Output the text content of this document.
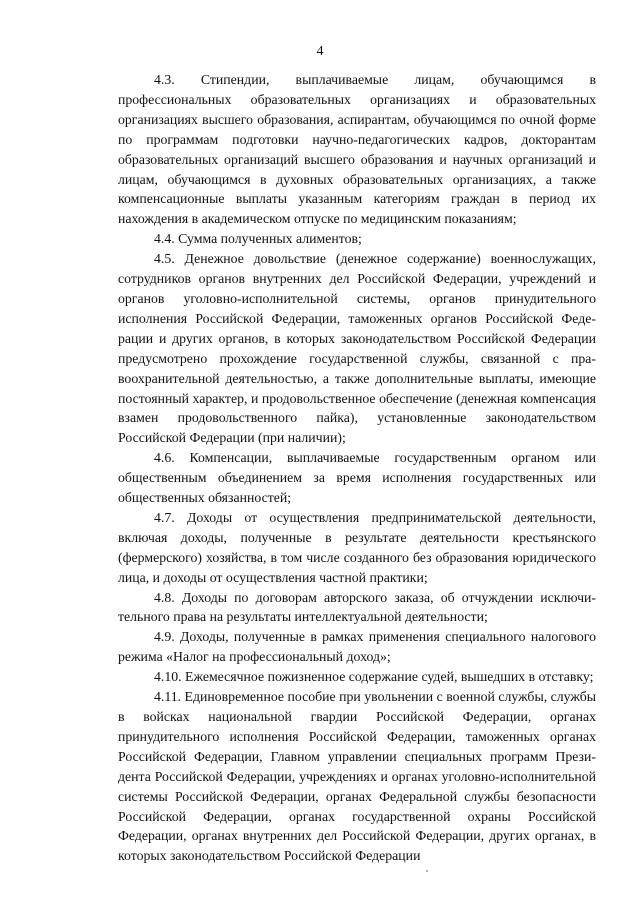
4

4.3. Стипендии, выплачиваемые лицам, обучающимся в профессиональных образовательных организациях и образовательных организациях высшего образования, аспирантам, обучающимся по очной форме по программам подготовки научно-педагогических кадров, докторантам образовательных организаций высшего образования и научных организаций и лицам, обучающимся в духовных образовательных организациях, а также компенсационные выплаты указанным категориям граждан в период их нахождения в академическом отпуске по медицинским показаниям;

4.4. Сумма полученных алиментов;

4.5. Денежное довольствие (денежное содержание) военнослужащих, сотрудников органов внутренних дел Российской Федерации, учреждений и органов уголовно-исполнительной системы, органов принудительного исполнения Российской Федерации, таможенных органов Российской Федерации и других органов, в которых законодательством Российской Федерации предусмотрено прохождение государственной службы, связанной с правоохранительной деятельностью, а также дополнительные выплаты, имеющие постоянный характер, и продовольственное обеспечение (денежная компенсация взамен продовольственного пайка), установленные законодательством Российской Федерации (при наличии);

4.6. Компенсации, выплачиваемые государственным органом или общественным объединением за время исполнения государственных или общественных обязанностей;

4.7. Доходы от осуществления предпринимательской деятельности, включая доходы, полученные в результате деятельности крестьянского (фермерского) хозяйства, в том числе созданного без образования юридического лица, и доходы от осуществления частной практики;

4.8. Доходы по договорам авторского заказа, об отчуждении исключительного права на результаты интеллектуальной деятельности;

4.9. Доходы, полученные в рамках применения специального налогового режима «Налог на профессиональный доход»;

4.10. Ежемесячное пожизненное содержание судей, вышедших в отставку;

4.11. Единовременное пособие при увольнении с военной службы, службы в войсках национальной гвардии Российской Федерации, органах принудительного исполнения Российской Федерации, таможенных органах Российской Федерации, Главном управлении специальных программ Президента Российской Федерации, учреждениях и органах уголовно-исполнительной системы Российской Федерации, органах Федеральной службы безопасности Российской Федерации, органах государственной охраны Российской Федерации, органах внутренних дел Российской Федерации, других органах, в которых законодательством Российской Федерации
